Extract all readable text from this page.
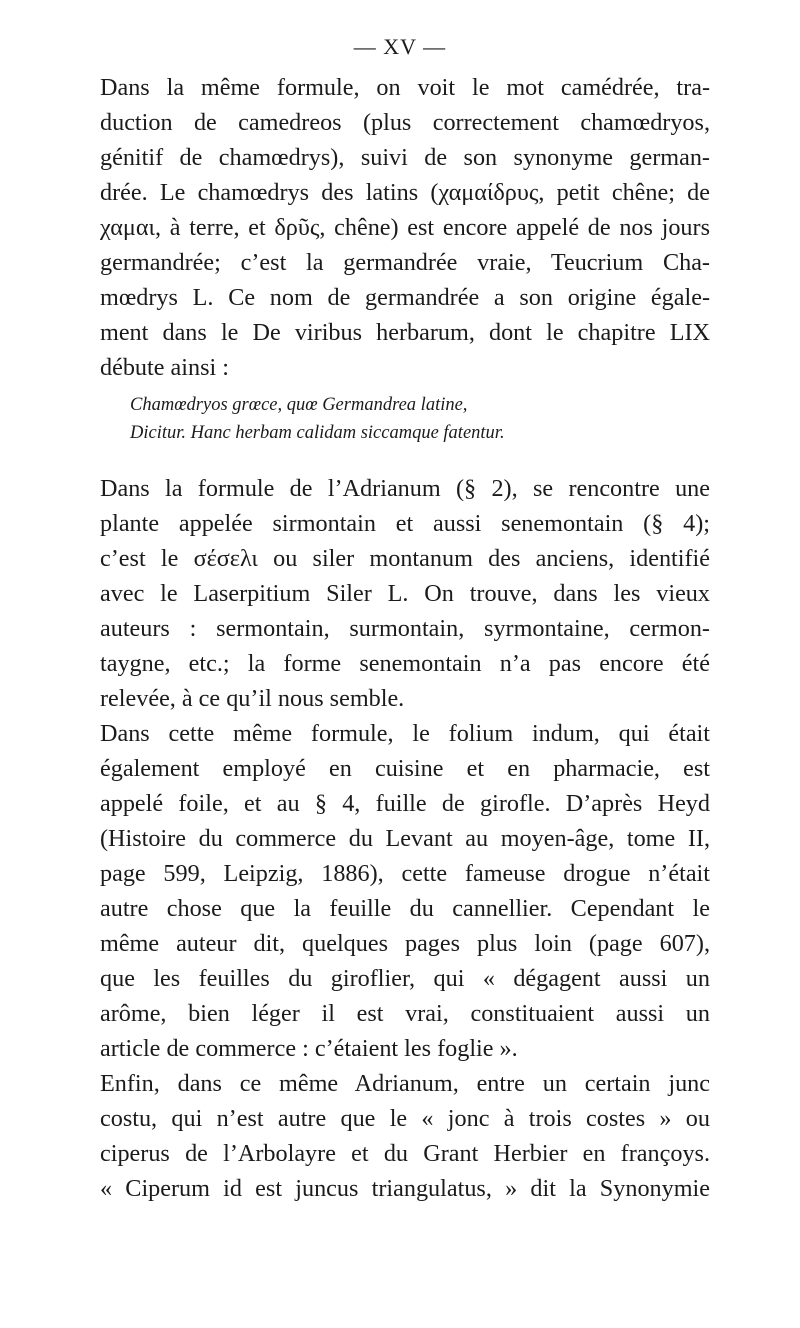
— XV —
Dans la même formule, on voit le mot camédrée, tra-
duction de camedreos (plus correctement chamœdryos,
génitif de chamœdrys), suivi de son synonyme german-
drée. Le chamœdrys des latins (χαμαίδρυς, petit chêne; de
χαμαι, à terre, et δρῦς, chêne) est encore appelé de nos jours
germandrée; c’est la germandrée vraie, Teucrium Cha-
mœdrys L. Ce nom de germandrée a son origine égale-
ment dans le De viribus herbarum, dont le chapitre LIX
débute ainsi :
Chamœdryos grœce, quœ Germandrea latine,
Dicitur. Hanc herbam calidam siccamque fatentur.
Dans la formule de l’Adrianum (§ 2), se rencontre une
plante appelée sirmontain et aussi senemontain (§ 4);
c’est le σέσελι ou siler montanum des anciens, identifié
avec le Laserpitium Siler L. On trouve, dans les vieux
auteurs : sermontain, surmontain, syrmontaine, cermon-
taygne, etc.; la forme senemontain n’a pas encore été
relevée, à ce qu’il nous semble.
Dans cette même formule, le folium indum, qui était
également employé en cuisine et en pharmacie, est
appelé foile, et au § 4, fuille de girofle. D’après Heyd
(Histoire du commerce du Levant au moyen-âge, tome II,
page 599, Leipzig, 1886), cette fameuse drogue n’était
autre chose que la feuille du cannellier. Cependant le
même auteur dit, quelques pages plus loin (page 607),
que les feuilles du giroflier, qui « dégagent aussi un
arôme, bien léger il est vrai, constituaient aussi un
article de commerce : c’étaient les foglie ».
Enfin, dans ce même Adrianum, entre un certain junc
costu, qui n’est autre que le « jonc à trois costes » ou
ciperus de l’Arbolayre et du Grant Herbier en françoys.
« Ciperum id est juncus triangulatus, » dit la Synonymie
